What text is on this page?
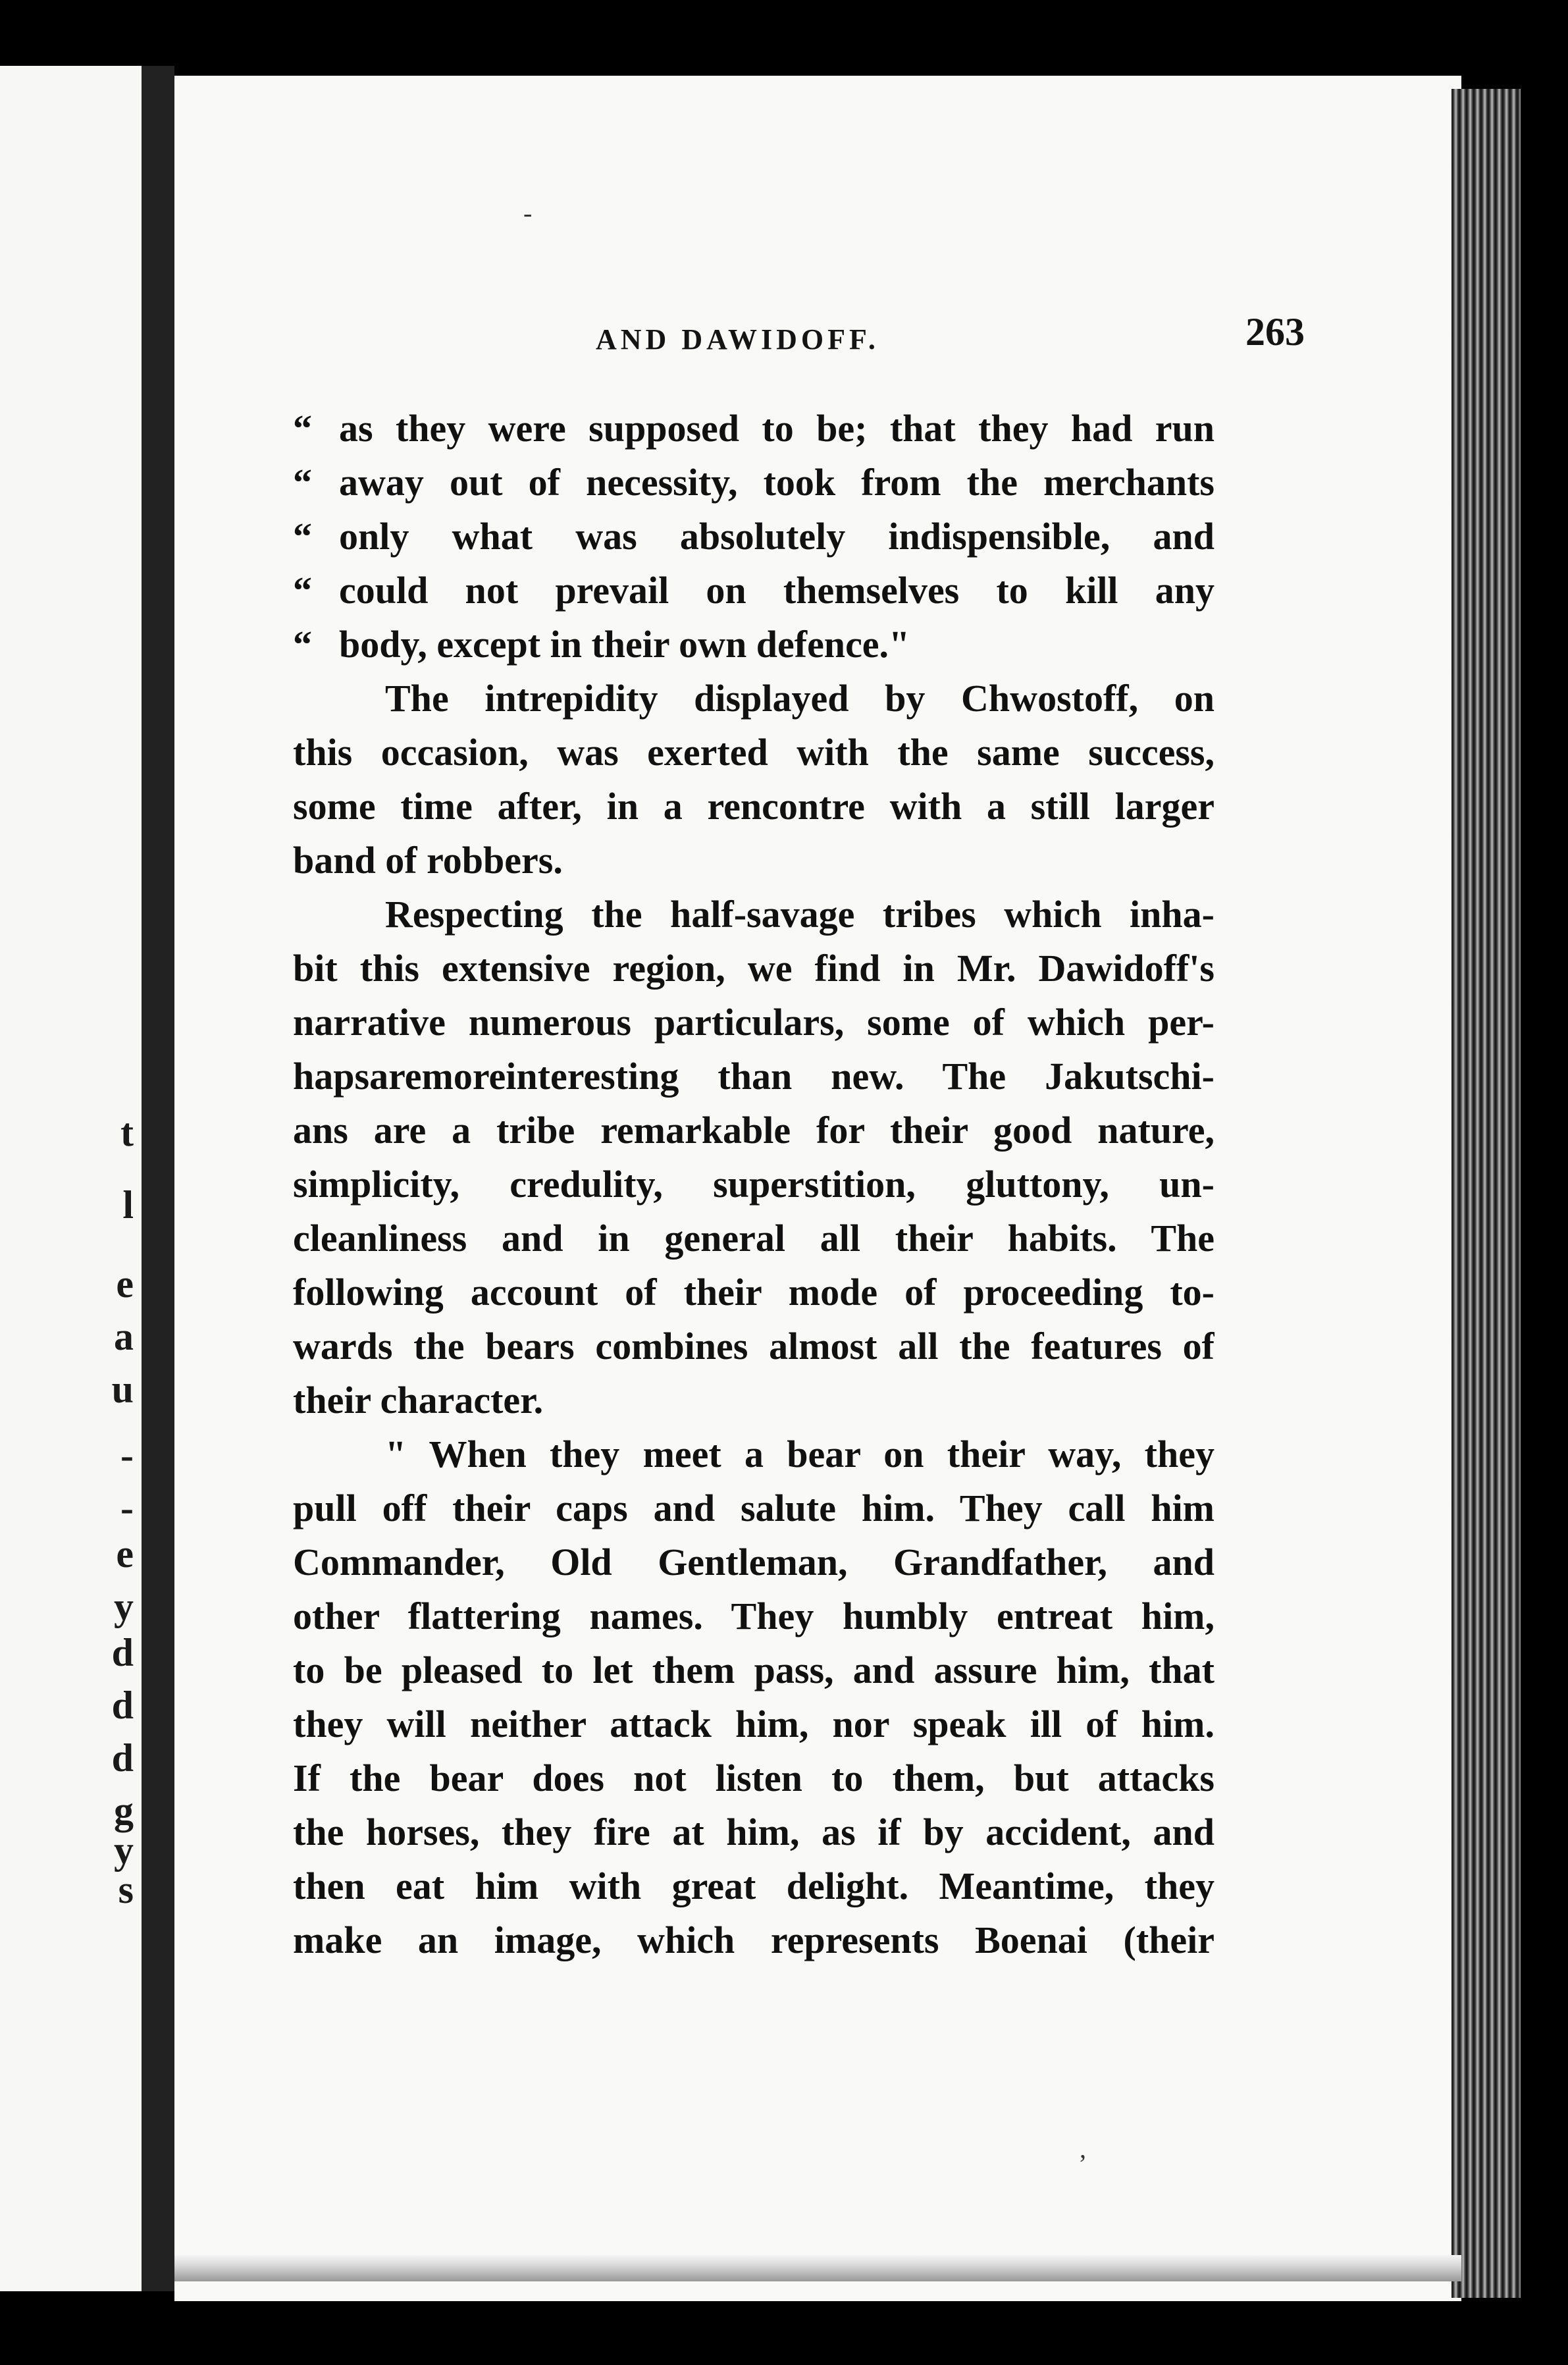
t
l
e
a
u
-
-
e
y
d
d
d
g
y
s
AND DAWIDOFF.	263
“ as they were supposed to be; that they had run
“ away out of necessity, took from the merchants
“ only what was absolutely indispensible, and
“ could not prevail on themselves to kill any
“ body, except in their own defence."
The intrepidity displayed by Chwostoff, on
this occasion, was exerted with the same success,
some time after, in a rencontre with a still larger
band of robbers.
Respecting the half-savage tribes which inha-
bit this extensive region, we find in Mr. Dawidoff's
narrative numerous particulars, some of which per-
hapsaremoreinteresting than new. The Jakutschi-
ans are a tribe remarkable for their good nature,
simplicity, credulity, superstition, gluttony, un-
cleanliness and in general all their habits. The
following account of their mode of proceeding to-
wards the bears combines almost all the features of
their character.
" When they meet a bear on their way, they
pull off their caps and salute him. They call him
Commander, Old Gentleman, Grandfather, and
other flattering names. They humbly entreat him,
to be pleased to let them pass, and assure him, that
they will neither attack him, nor speak ill of him.
If the bear does not listen to them, but attacks
the horses, they fire at him, as if by accident, and
then eat him with great delight. Meantime, they
make an image, which represents Boenai (their
-
,
